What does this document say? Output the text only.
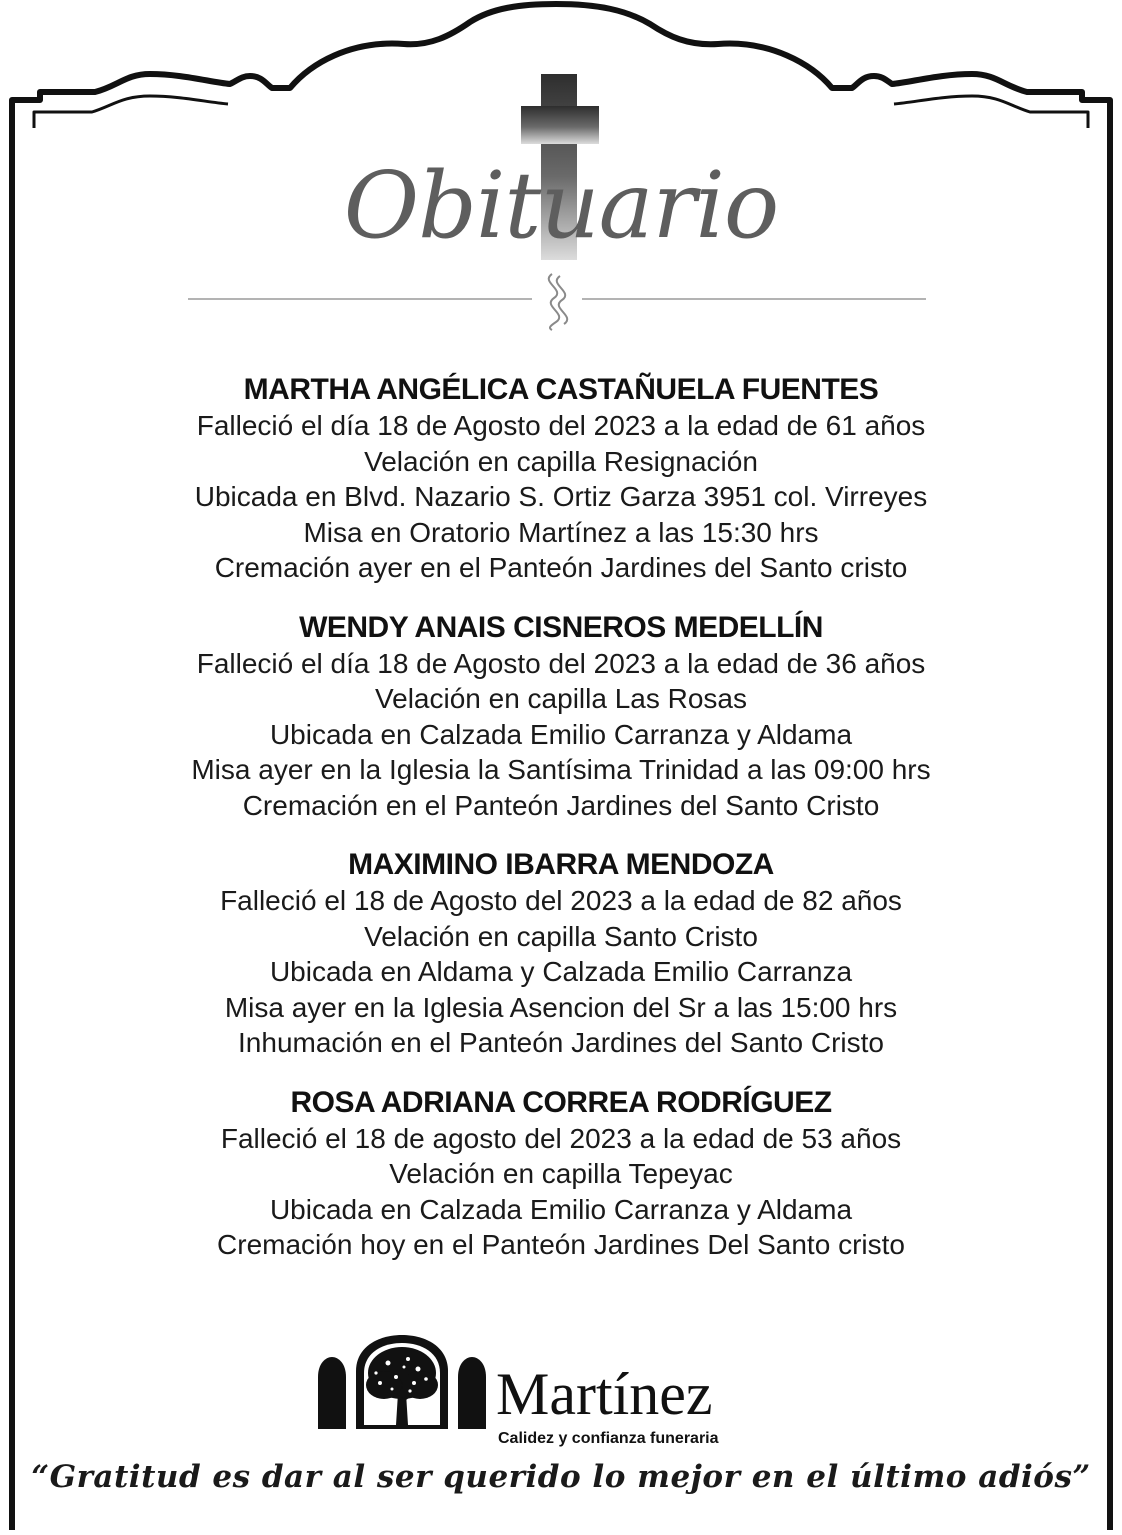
Obituario
MARTHA ANGÉLICA CASTAÑUELA FUENTES
Falleció el día 18 de Agosto del 2023 a la edad de 61 años
Velación en capilla Resignación
Ubicada en Blvd. Nazario S. Ortiz Garza 3951 col. Virreyes
Misa en Oratorio Martínez a las 15:30 hrs
Cremación ayer en el Panteón Jardines del Santo cristo
WENDY ANAIS CISNEROS MEDELLÍN
Falleció el día 18 de Agosto del 2023 a la edad de 36 años
Velación en capilla Las Rosas
Ubicada en Calzada Emilio Carranza y Aldama
Misa ayer en la Iglesia la Santísima Trinidad a las 09:00 hrs
Cremación en el Panteón Jardines del Santo Cristo
MAXIMINO IBARRA MENDOZA
Falleció el 18 de Agosto del 2023 a la edad de 82 años
Velación en capilla Santo Cristo
Ubicada en Aldama y Calzada Emilio Carranza
Misa ayer en la Iglesia Asencion del Sr a las 15:00 hrs
Inhumación en el Panteón Jardines del Santo Cristo
ROSA ADRIANA CORREA RODRÍGUEZ
Falleció el 18 de agosto del 2023 a la edad de 53 años
Velación en capilla Tepeyac
Ubicada en Calzada Emilio Carranza y Aldama
Cremación hoy en el Panteón Jardines Del Santo cristo
Martínez
Calidez y confianza funeraria
“Gratitud es dar al ser querido lo mejor en el último adiós”
